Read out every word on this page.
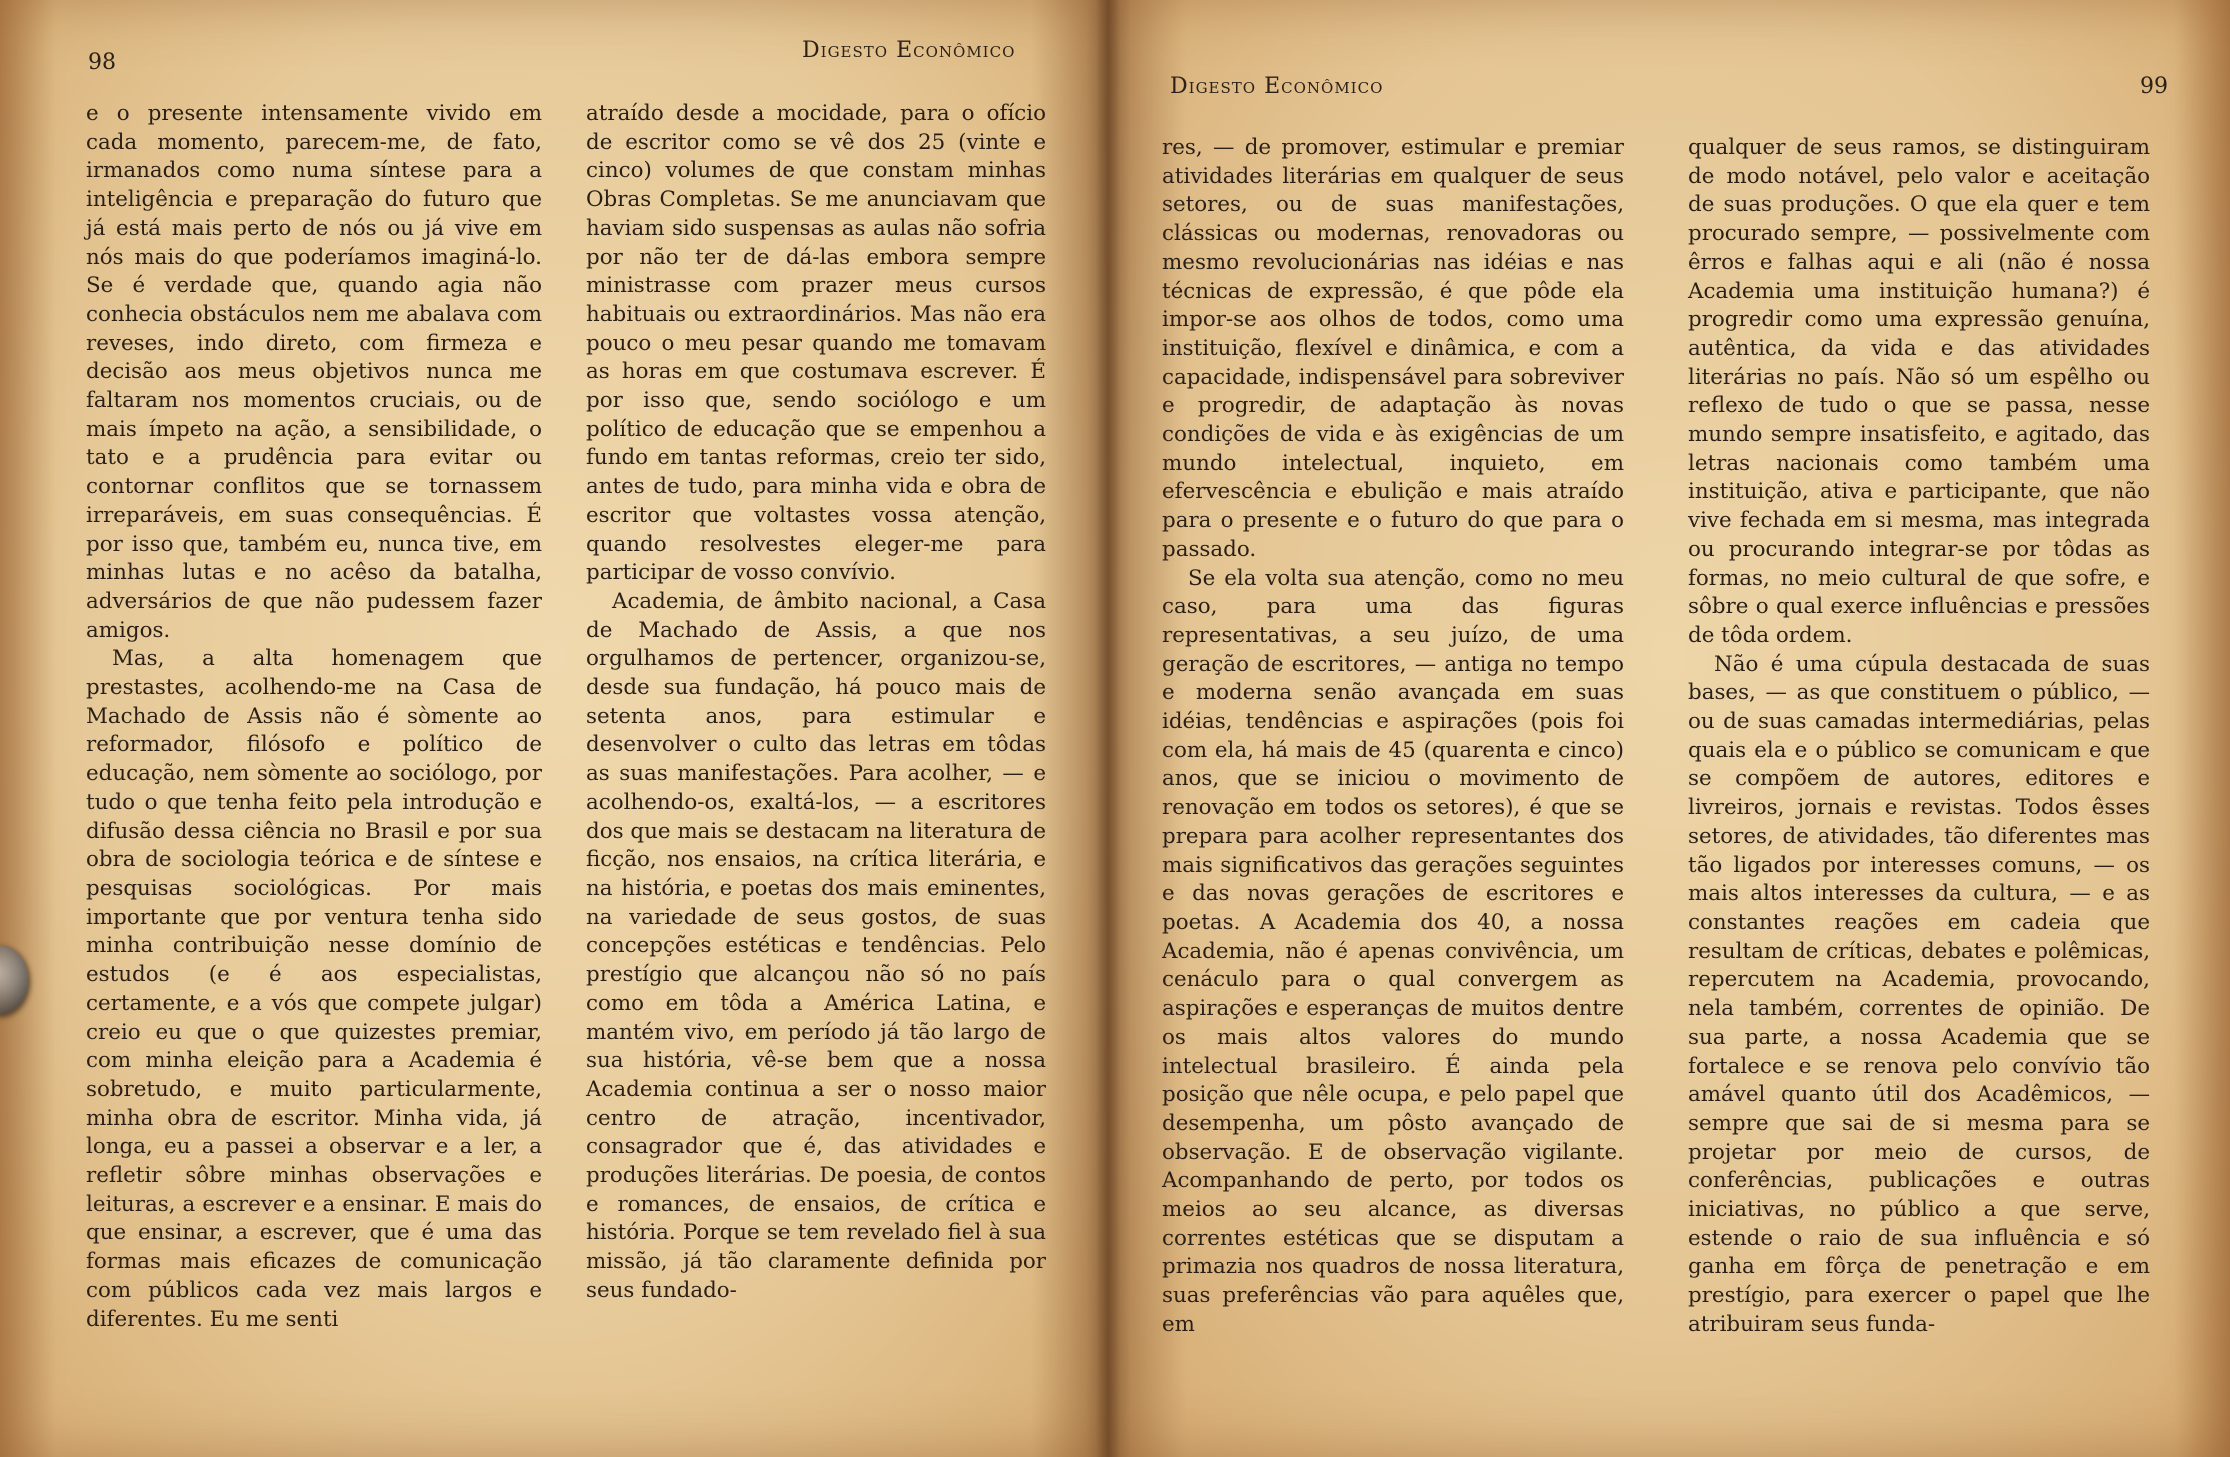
98	Digesto Econômico

e o presente intensamente vivido em cada momento, parecem-me, de fato, irmanados como numa síntese para a inteligência e preparação do futuro que já está mais perto de nós ou já vive em nós mais do que poderíamos imaginá-lo. Se é verdade que, quando agia não conhecia obstáculos nem me abalava com reveses, indo direto, com firmeza e decisão aos meus objetivos nunca me faltaram nos momentos cruciais, ou de mais ímpeto na ação, a sensibilidade, o tato e a prudência para evitar ou contornar conflitos que se tornassem irreparáveis, em suas consequências. É por isso que, também eu, nunca tive, em minhas lutas e no acêso da batalha, adversários de que não pudessem fazer amigos.

Mas, a alta homenagem que prestastes, acolhendo-me na Casa de Machado de Assis não é sòmente ao reformador, filósofo e político de educação, nem sòmente ao sociólogo, por tudo o que tenha feito pela introdução e difusão dessa ciência no Brasil e por sua obra de sociologia teórica e de síntese e pesquisas sociológicas. Por mais importante que por ventura tenha sido minha contribuição nesse domínio de estudos (e é aos especialistas, certamente, e a vós que compete julgar) creio eu que o que quizestes premiar, com minha eleição para a Academia é sobretudo, e muito particularmente, minha obra de escritor. Minha vida, já longa, eu a passei a observar e a ler, a refletir sôbre minhas observações e leituras, a escrever e a ensinar. E mais do que ensinar, a escrever, que é uma das formas mais eficazes de comunicação com públicos cada vez mais largos e diferentes. Eu me senti

atraído desde a mocidade, para o ofício de escritor como se vê dos 25 (vinte e cinco) volumes de que constam minhas Obras Completas. Se me anunciavam que haviam sido suspensas as aulas não sofria por não ter de dá-las embora sempre ministrasse com prazer meus cursos habituais ou extraordinários. Mas não era pouco o meu pesar quando me tomavam as horas em que costumava escrever. É por isso que, sendo sociólogo e um político de educação que se empenhou a fundo em tantas reformas, creio ter sido, antes de tudo, para minha vida e obra de escritor que voltastes vossa atenção, quando resolvestes eleger-me para participar de vosso convívio.

Academia, de âmbito nacional, a Casa de Machado de Assis, a que nos orgulhamos de pertencer, organizou-se, desde sua fundação, há pouco mais de setenta anos, para estimular e desenvolver o culto das letras em tôdas as suas manifestações. Para acolher, — e acolhendo-os, exaltá-los, — a escritores dos que mais se destacam na literatura de ficção, nos ensaios, na crítica literária, e na história, e poetas dos mais eminentes, na variedade de seus gostos, de suas concepções estéticas e tendências. Pelo prestígio que alcançou não só no país como em tôda a América Latina, e mantém vivo, em período já tão largo de sua história, vê-se bem que a nossa Academia continua a ser o nosso maior centro de atração, incentivador, consagrador que é, das atividades e produções literárias. De poesia, de contos e romances, de ensaios, de crítica e história. Porque se tem revelado fiel à sua missão, já tão claramente definida por seus fundado-

Digesto Econômico	99

res, — de promover, estimular e premiar atividades literárias em qualquer de seus setores, ou de suas manifestações, clássicas ou modernas, renovadoras ou mesmo revolucionárias nas idéias e nas técnicas de expressão, é que pôde ela impor-se aos olhos de todos, como uma instituição, flexível e dinâmica, e com a capacidade, indispensável para sobreviver e progredir, de adaptação às novas condições de vida e às exigências de um mundo intelectual, inquieto, em efervescência e ebulição e mais atraído para o presente e o futuro do que para o passado.

Se ela volta sua atenção, como no meu caso, para uma das figuras representativas, a seu juízo, de uma geração de escritores, — antiga no tempo e moderna senão avançada em suas idéias, tendências e aspirações (pois foi com ela, há mais de 45 (quarenta e cinco) anos, que se iniciou o movimento de renovação em todos os setores), é que se prepara para acolher representantes dos mais significativos das gerações seguintes e das novas gerações de escritores e poetas. A Academia dos 40, a nossa Academia, não é apenas convivência, um cenáculo para o qual convergem as aspirações e esperanças de muitos dentre os mais altos valores do mundo intelectual brasileiro. É ainda pela posição que nêle ocupa, e pelo papel que desempenha, um pôsto avançado de observação. E de observação vigilante. Acompanhando de perto, por todos os meios ao seu alcance, as diversas correntes estéticas que se disputam a primazia nos quadros de nossa literatura, suas preferências vão para aquêles que, em

qualquer de seus ramos, se distinguiram de modo notável, pelo valor e aceitação de suas produções. O que ela quer e tem procurado sempre, — possivelmente com êrros e falhas aqui e ali (não é nossa Academia uma instituição humana?) é progredir como uma expressão genuína, autêntica, da vida e das atividades literárias no país. Não só um espêlho ou reflexo de tudo o que se passa, nesse mundo sempre insatisfeito, e agitado, das letras nacionais como também uma instituição, ativa e participante, que não vive fechada em si mesma, mas integrada ou procurando integrar-se por tôdas as formas, no meio cultural de que sofre, e sôbre o qual exerce influências e pressões de tôda ordem.

Não é uma cúpula destacada de suas bases, — as que constituem o público, — ou de suas camadas intermediárias, pelas quais ela e o público se comunicam e que se compõem de autores, editores e livreiros, jornais e revistas. Todos êsses setores, de atividades, tão diferentes mas tão ligados por interesses comuns, — os mais altos interesses da cultura, — e as constantes reações em cadeia que resultam de críticas, debates e polêmicas, repercutem na Academia, provocando, nela também, correntes de opinião. De sua parte, a nossa Academia que se fortalece e se renova pelo convívio tão amável quanto útil dos Acadêmicos, — sempre que sai de si mesma para se projetar por meio de cursos, de conferências, publicações e outras iniciativas, no público a que serve, estende o raio de sua influência e só ganha em fôrça de penetração e em prestígio, para exercer o papel que lhe atribuiram seus funda-
